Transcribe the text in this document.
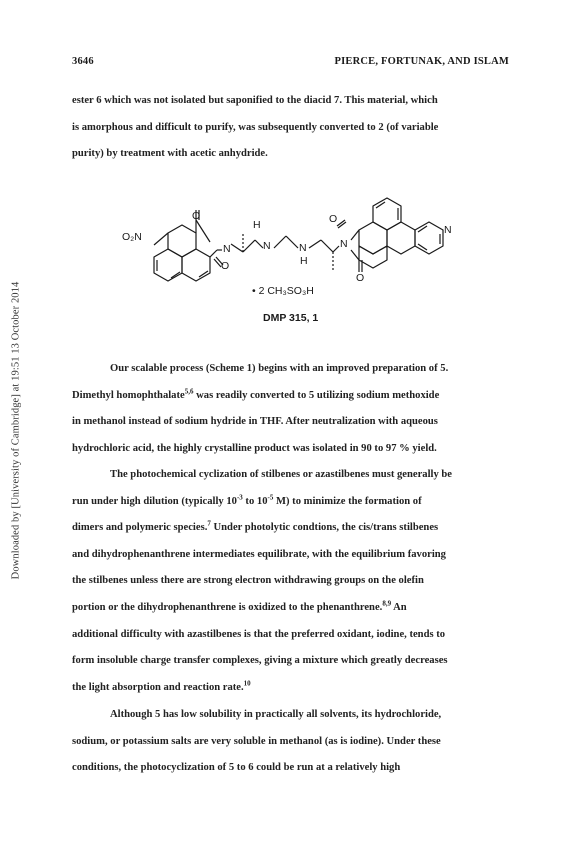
Downloaded by [University of Cambridge] at 19:51 13 October 2014
3646	PIERCE, FORTUNAK, AND ISLAM

ester 6 which was not isolated but saponified to the diacid 7. This material, which

is amorphous and difficult to purify, was subsequently converted to 2 (of variable

purity) by treatment with acetic anhydride.

O₂N
O
O
N
H
N	N
H
N
O
O
N
• 2 CH₃SO₃H
DMP 315, 1

Our scalable process (Scheme 1) begins with an improved preparation of 5.

Dimethyl homophthalate$^{5,6}$ was readily converted to 5 utilizing sodium methoxide

in methanol instead of sodium hydride in THF. After neutralization with aqueous

hydrochloric acid, the highly crystalline product was isolated in 90 to 97 % yield.

The photochemical cyclization of stilbenes or azastilbenes must generally be

run under high dilution (typically $10^{-3}$ to $10^{-5}$ M) to minimize the formation of

dimers and polymeric species.$^7$ Under photolytic condtions, the cis/trans stilbenes

and dihydrophenanthrene intermediates equilibrate, with the equilibrium favoring

the stilbenes unless there are strong electron withdrawing groups on the olefin

portion or the dihydrophenanthrene is oxidized to the phenanthrene.$^{8,9}$ An

additional difficulty with azastilbenes is that the preferred oxidant, iodine, tends to

form insoluble charge transfer complexes, giving a mixture which greatly decreases

the light absorption and reaction rate.$^{10}$

Although 5 has low solubility in practically all solvents, its hydrochloride,

sodium, or potassium salts are very soluble in methanol (as is iodine). Under these

conditions, the photocyclization of 5 to 6 could be run at a relatively high
